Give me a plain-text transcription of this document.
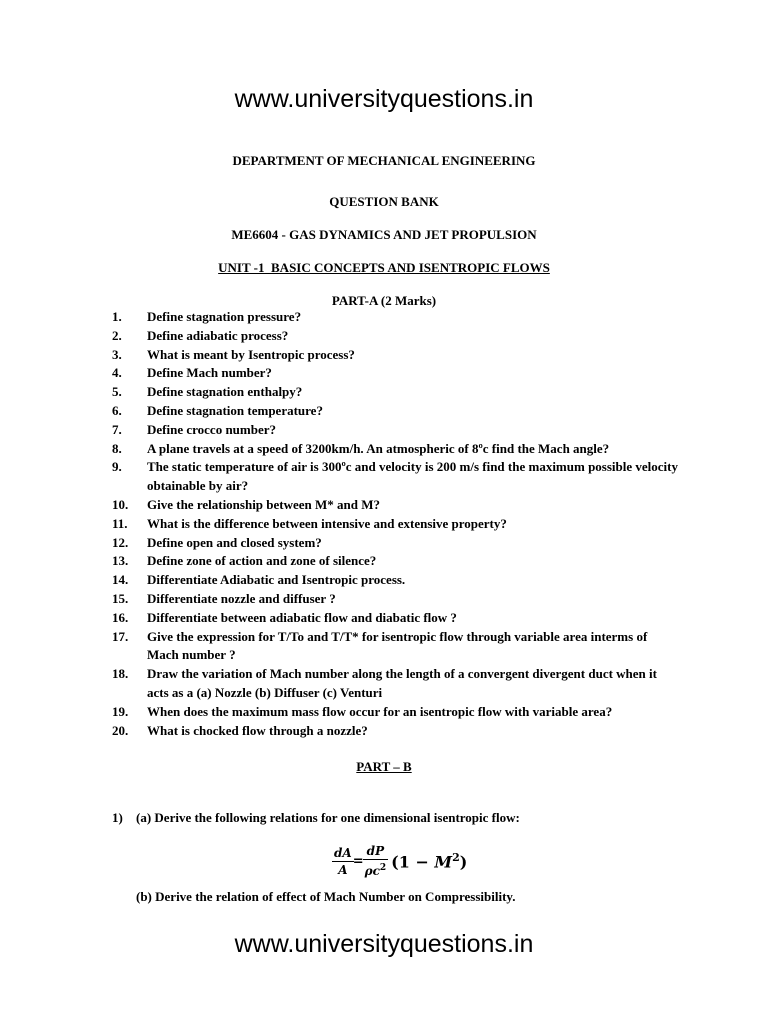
www.universityquestions.in
DEPARTMENT OF MECHANICAL ENGINEERING
QUESTION BANK
ME6604 - GAS DYNAMICS AND JET PROPULSION
UNIT -1  BASIC CONCEPTS AND ISENTROPIC FLOWS
PART-A (2 Marks)
1.	Define stagnation pressure?
2.	Define adiabatic process?
3.	What is meant by Isentropic process?
4.	Define Mach number?
5.	Define stagnation enthalpy?
6.	Define stagnation temperature?
7.	Define crocco number?
8.	A plane travels at a speed of 3200km/h. An atmospheric of 8ºc find the Mach angle?
9.	The static temperature of air is 300ºc and velocity is 200 m/s find the maximum possible velocity obtainable by air?
10.	Give the relationship between M* and M?
11.	What is the difference between intensive and extensive property?
12.	Define open and closed system?
13.	Define zone of action and zone of silence?
14.	Differentiate Adiabatic and Isentropic process.
15.	Differentiate nozzle and diffuser ?
16.	Differentiate between adiabatic flow and diabatic flow ?
17.	Give the expression for T/To and T/T* for isentropic flow through variable area interms of Mach number ?
18.	Draw the variation of Mach number along the length of a convergent divergent duct when it acts as a (a) Nozzle (b) Diffuser (c) Venturi
19.	When does the maximum mass flow occur for an isentropic flow with variable area?
20.	What is chocked flow through a nozzle?
PART – B
1) (a) Derive the following relations for one dimensional isentropic flow:
$\frac{dA}{A} = \frac{dP}{\rho c^2} (1 - M^2)$
(b) Derive the relation of effect of Mach Number on Compressibility.
www.universityquestions.in
